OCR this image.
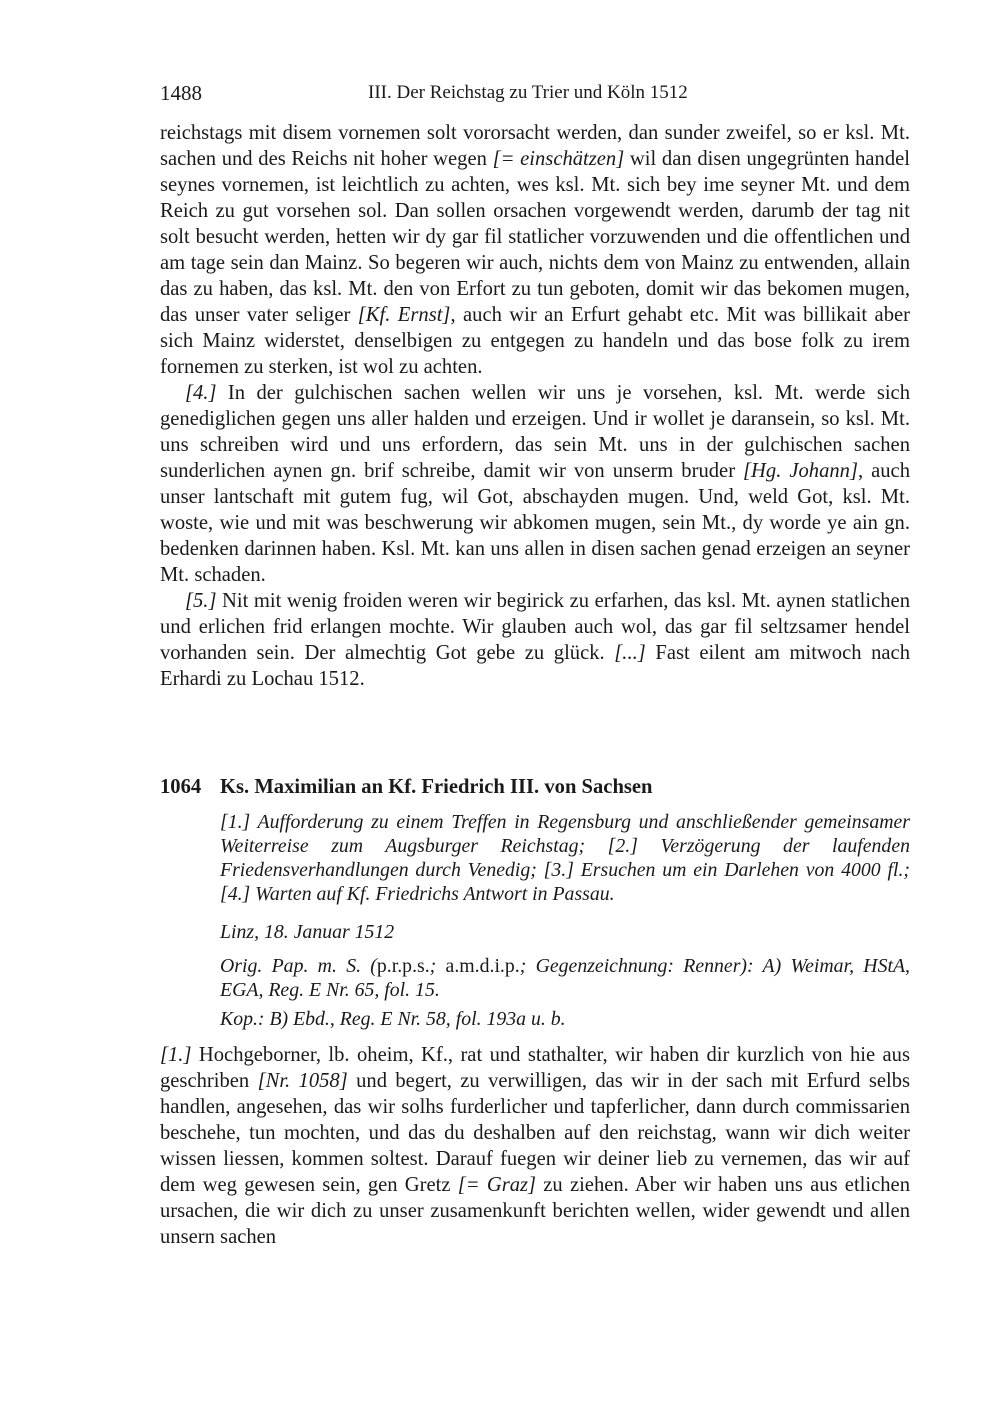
1488	III. Der Reichstag zu Trier und Köln 1512

reichstags mit disem vornemen solt vororsacht werden, dan sunder zweifel, so er ksl. Mt. sachen und des Reichs nit hoher wegen [= einschätzen] wil dan disen ungegrünten handel seynes vornemen, ist leichtlich zu achten, wes ksl. Mt. sich bey ime seyner Mt. und dem Reich zu gut vorsehen sol. Dan sollen orsachen vorgewendt werden, darumb der tag nit solt besucht werden, hetten wir dy gar fil statlicher vorzuwenden und die offentlichen und am tage sein dan Mainz. So begeren wir auch, nichts dem von Mainz zu entwenden, allain das zu haben, das ksl. Mt. den von Erfort zu tun geboten, domit wir das bekomen mugen, das unser vater seliger [Kf. Ernst], auch wir an Erfurt gehabt etc. Mit was billikait aber sich Mainz widerstet, denselbigen zu entgegen zu handeln und das bose folk zu irem fornemen zu sterken, ist wol zu achten.

[4.] In der gulchischen sachen wellen wir uns je vorsehen, ksl. Mt. werde sich genediglichen gegen uns aller halden und erzeigen. Und ir wollet je daransein, so ksl. Mt. uns schreiben wird und uns erfordern, das sein Mt. uns in der gulchischen sachen sunderlichen aynen gn. brif schreibe, damit wir von unserm bruder [Hg. Johann], auch unser lantschaft mit gutem fug, wil Got, abschayden mugen. Und, weld Got, ksl. Mt. woste, wie und mit was beschwerung wir abkomen mugen, sein Mt., dy worde ye ain gn. bedenken darinnen haben. Ksl. Mt. kan uns allen in disen sachen genad erzeigen an seyner Mt. schaden.

[5.] Nit mit wenig froiden weren wir begirick zu erfarhen, das ksl. Mt. aynen statlichen und erlichen frid erlangen mochte. Wir glauben auch wol, das gar fil seltzsamer hendel vorhanden sein. Der almechtig Got gebe zu glück. [...] Fast eilent am mitwoch nach Erhardi zu Lochau 1512.

1064 Ks. Maximilian an Kf. Friedrich III. von Sachsen

[1.] Aufforderung zu einem Treffen in Regensburg und anschließender gemeinsamer Weiterreise zum Augsburger Reichstag; [2.] Verzögerung der laufenden Friedensverhandlungen durch Venedig; [3.] Ersuchen um ein Darlehen von 4000 fl.; [4.] Warten auf Kf. Friedrichs Antwort in Passau.

Linz, 18. Januar 1512

Orig. Pap. m. S. (p.r.p.s.; a.m.d.i.p.; Gegenzeichnung: Renner): A) Weimar, HStA, EGA, Reg. E Nr. 65, fol. 15.

Kop.: B) Ebd., Reg. E Nr. 58, fol. 193a u. b.

[1.] Hochgeborner, lb. oheim, Kf., rat und stathalter, wir haben dir kurzlich von hie aus geschriben [Nr. 1058] und begert, zu verwilligen, das wir in der sach mit Erfurd selbs handlen, angesehen, das wir solhs furderlicher und tapferlicher, dann durch commissarien beschehe, tun mochten, und das du deshalben auf den reichstag, wann wir dich weiter wissen liessen, kommen soltest. Darauf fuegen wir deiner lieb zu vernemen, das wir auf dem weg gewesen sein, gen Gretz [= Graz] zu ziehen. Aber wir haben uns aus etlichen ursachen, die wir dich zu unser zusamenkunft berichten wellen, wider gewendt und allen unsern sachen
